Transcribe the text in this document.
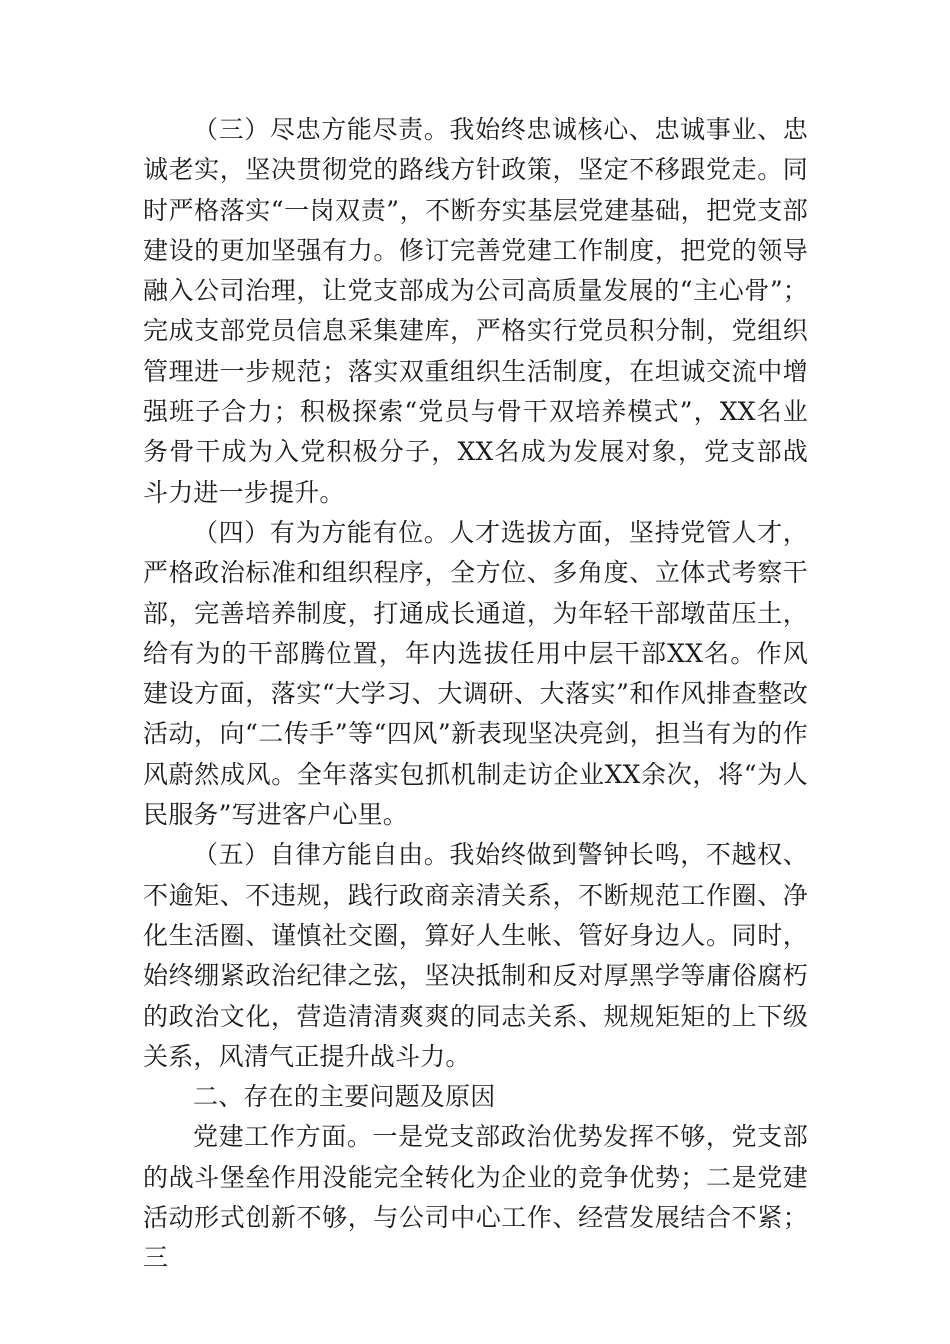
（三）尽忠方能尽责。我始终忠诚核心、忠诚事业、忠诚老实，坚决贯彻党的路线方针政策，坚定不移跟党走。同时严格落实“一岗双责”，不断夯实基层党建基础，把党支部建设的更加坚强有力。修订完善党建工作制度，把党的领导融入公司治理，让党支部成为公司高质量发展的“主心骨”；完成支部党员信息采集建库，严格实行党员积分制，党组织管理进一步规范；落实双重组织生活制度，在坦诚交流中增强班子合力；积极探索“党员与骨干双培养模式”，XX名业务骨干成为入党积极分子，XX名成为发展对象，党支部战斗力进一步提升。

（四）有为方能有位。人才选拔方面，坚持党管人才，严格政治标准和组织程序，全方位、多角度、立体式考察干部，完善培养制度，打通成长通道，为年轻干部墩苗压土，给有为的干部腾位置，年内选拔任用中层干部XX名。作风建设方面，落实“大学习、大调研、大落实”和作风排查整改活动，向“二传手”等“四风”新表现坚决亮剑，担当有为的作风蔚然成风。全年落实包抓机制走访企业XX余次，将“为人民服务”写进客户心里。

（五）自律方能自由。我始终做到警钟长鸣，不越权、不逾矩、不违规，践行政商亲清关系，不断规范工作圈、净化生活圈、谨慎社交圈，算好人生帐、管好身边人。同时，始终绷紧政治纪律之弦，坚决抵制和反对厚黑学等庸俗腐朽的政治文化，营造清清爽爽的同志关系、规规矩矩的上下级关系，风清气正提升战斗力。

二、存在的主要问题及原因

党建工作方面。一是党支部政治优势发挥不够，党支部的战斗堡垒作用没能完全转化为企业的竞争优势；二是党建活动形式创新不够，与公司中心工作、经营发展结合不紧；三
